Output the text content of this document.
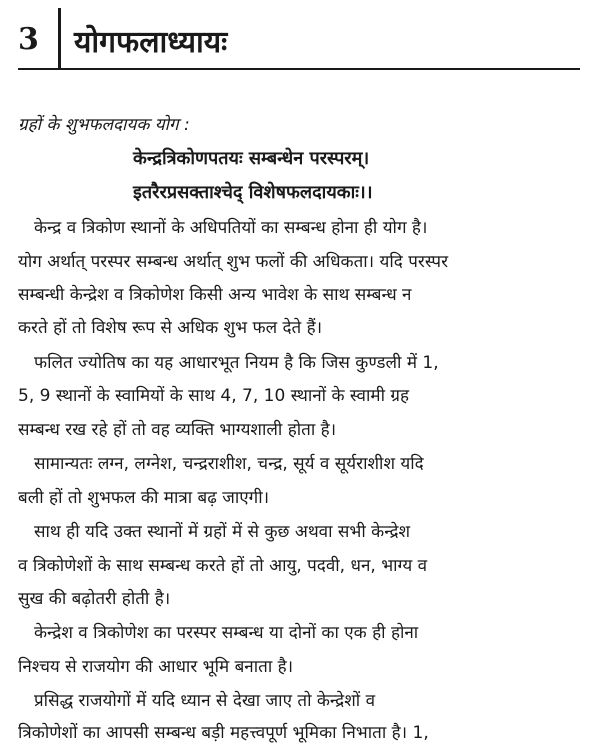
3 योगफलाध्यायः
ग्रहों के शुभफलदायक योग :
केन्द्रत्रिकोणपतयः सम्बन्धेन परस्परम्।
इतरैरप्रसक्ताश्चेद् विशेषफलदायकाः।।
केन्द्र व त्रिकोण स्थानों के अधिपतियों का सम्बन्ध होना ही योग है।
योग अर्थात् परस्पर सम्बन्ध अर्थात् शुभ फलों की अधिकता। यदि परस्पर
सम्बन्धी केन्द्रेश व त्रिकोणेश किसी अन्य भावेश के साथ सम्बन्ध न
करते हों तो विशेष रूप से अधिक शुभ फल देते हैं।
फलित ज्योतिष का यह आधारभूत नियम है कि जिस कुण्डली में 1,
5, 9 स्थानों के स्वामियों के साथ 4, 7, 10 स्थानों के स्वामी ग्रह
सम्बन्ध रख रहे हों तो वह व्यक्ति भाग्यशाली होता है।
सामान्यतः लग्न, लग्नेश, चन्द्रराशीश, चन्द्र, सूर्य व सूर्यराशीश यदि
बली हों तो शुभफल की मात्रा बढ़ जाएगी।
साथ ही यदि उक्त स्थानों में ग्रहों में से कुछ अथवा सभी केन्द्रेश
व त्रिकोणेशों के साथ सम्बन्ध करते हों तो आयु, पदवी, धन, भाग्य व
सुख की बढ़ोतरी होती है।
केन्द्रेश व त्रिकोणेश का परस्पर सम्बन्ध या दोनों का एक ही होना
निश्चय से राजयोग की आधार भूमि बनाता है।
प्रसिद्ध राजयोगों में यदि ध्यान से देखा जाए तो केन्द्रेशों व
त्रिकोणेशों का आपसी सम्बन्ध बड़ी महत्त्वपूर्ण भूमिका निभाता है। 1,
